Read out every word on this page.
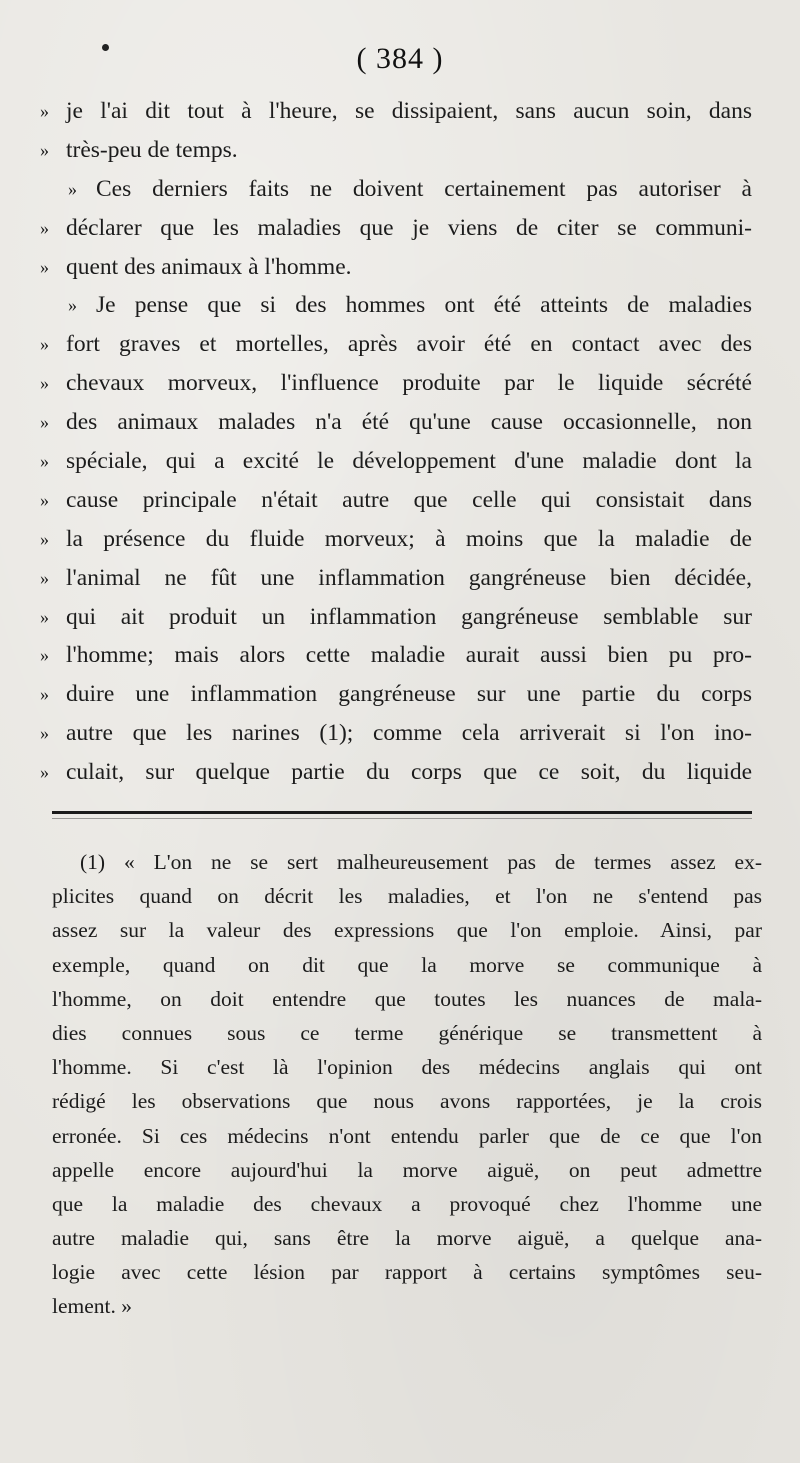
( 384 )
» je l'ai dit tout à l'heure, se dissipaient, sans aucun soin, dans
» très-peu de temps.
» Ces derniers faits ne doivent certainement pas autoriser à
» déclarer que les maladies que je viens de citer se communi-
» quent des animaux à l'homme.
» Je pense que si des hommes ont été atteints de maladies
» fort graves et mortelles, après avoir été en contact avec des
» chevaux morveux, l'influence produite par le liquide sécrété
» des animaux malades n'a été qu'une cause occasionnelle, non
» spéciale, qui a excité le développement d'une maladie dont la
» cause principale n'était autre que celle qui consistait dans
» la présence du fluide morveux; à moins que la maladie de
» l'animal ne fût une inflammation gangréneuse bien décidée,
» qui ait produit un inflammation gangréneuse semblable sur
» l'homme; mais alors cette maladie aurait aussi bien pu pro-
» duire une inflammation gangréneuse sur une partie du corps
» autre que les narines (1); comme cela arriverait si l'on ino-
» culait, sur quelque partie du corps que ce soit, du liquide
(1) « L'on ne se sert malheureusement pas de termes assez ex-
plicites quand on décrit les maladies, et l'on ne s'entend pas
assez sur la valeur des expressions que l'on emploie. Ainsi, par
exemple, quand on dit que la morve se communique à
l'homme, on doit entendre que toutes les nuances de mala-
dies connues sous ce terme générique se transmettent à
l'homme. Si c'est là l'opinion des médecins anglais qui ont
rédigé les observations que nous avons rapportées, je la crois
erronée. Si ces médecins n'ont entendu parler que de ce que l'on
appelle encore aujourd'hui la morve aiguë, on peut admettre
que la maladie des chevaux a provoqué chez l'homme une
autre maladie qui, sans être la morve aiguë, a quelque ana-
logie avec cette lésion par rapport à certains symptômes seu-
lement. »
